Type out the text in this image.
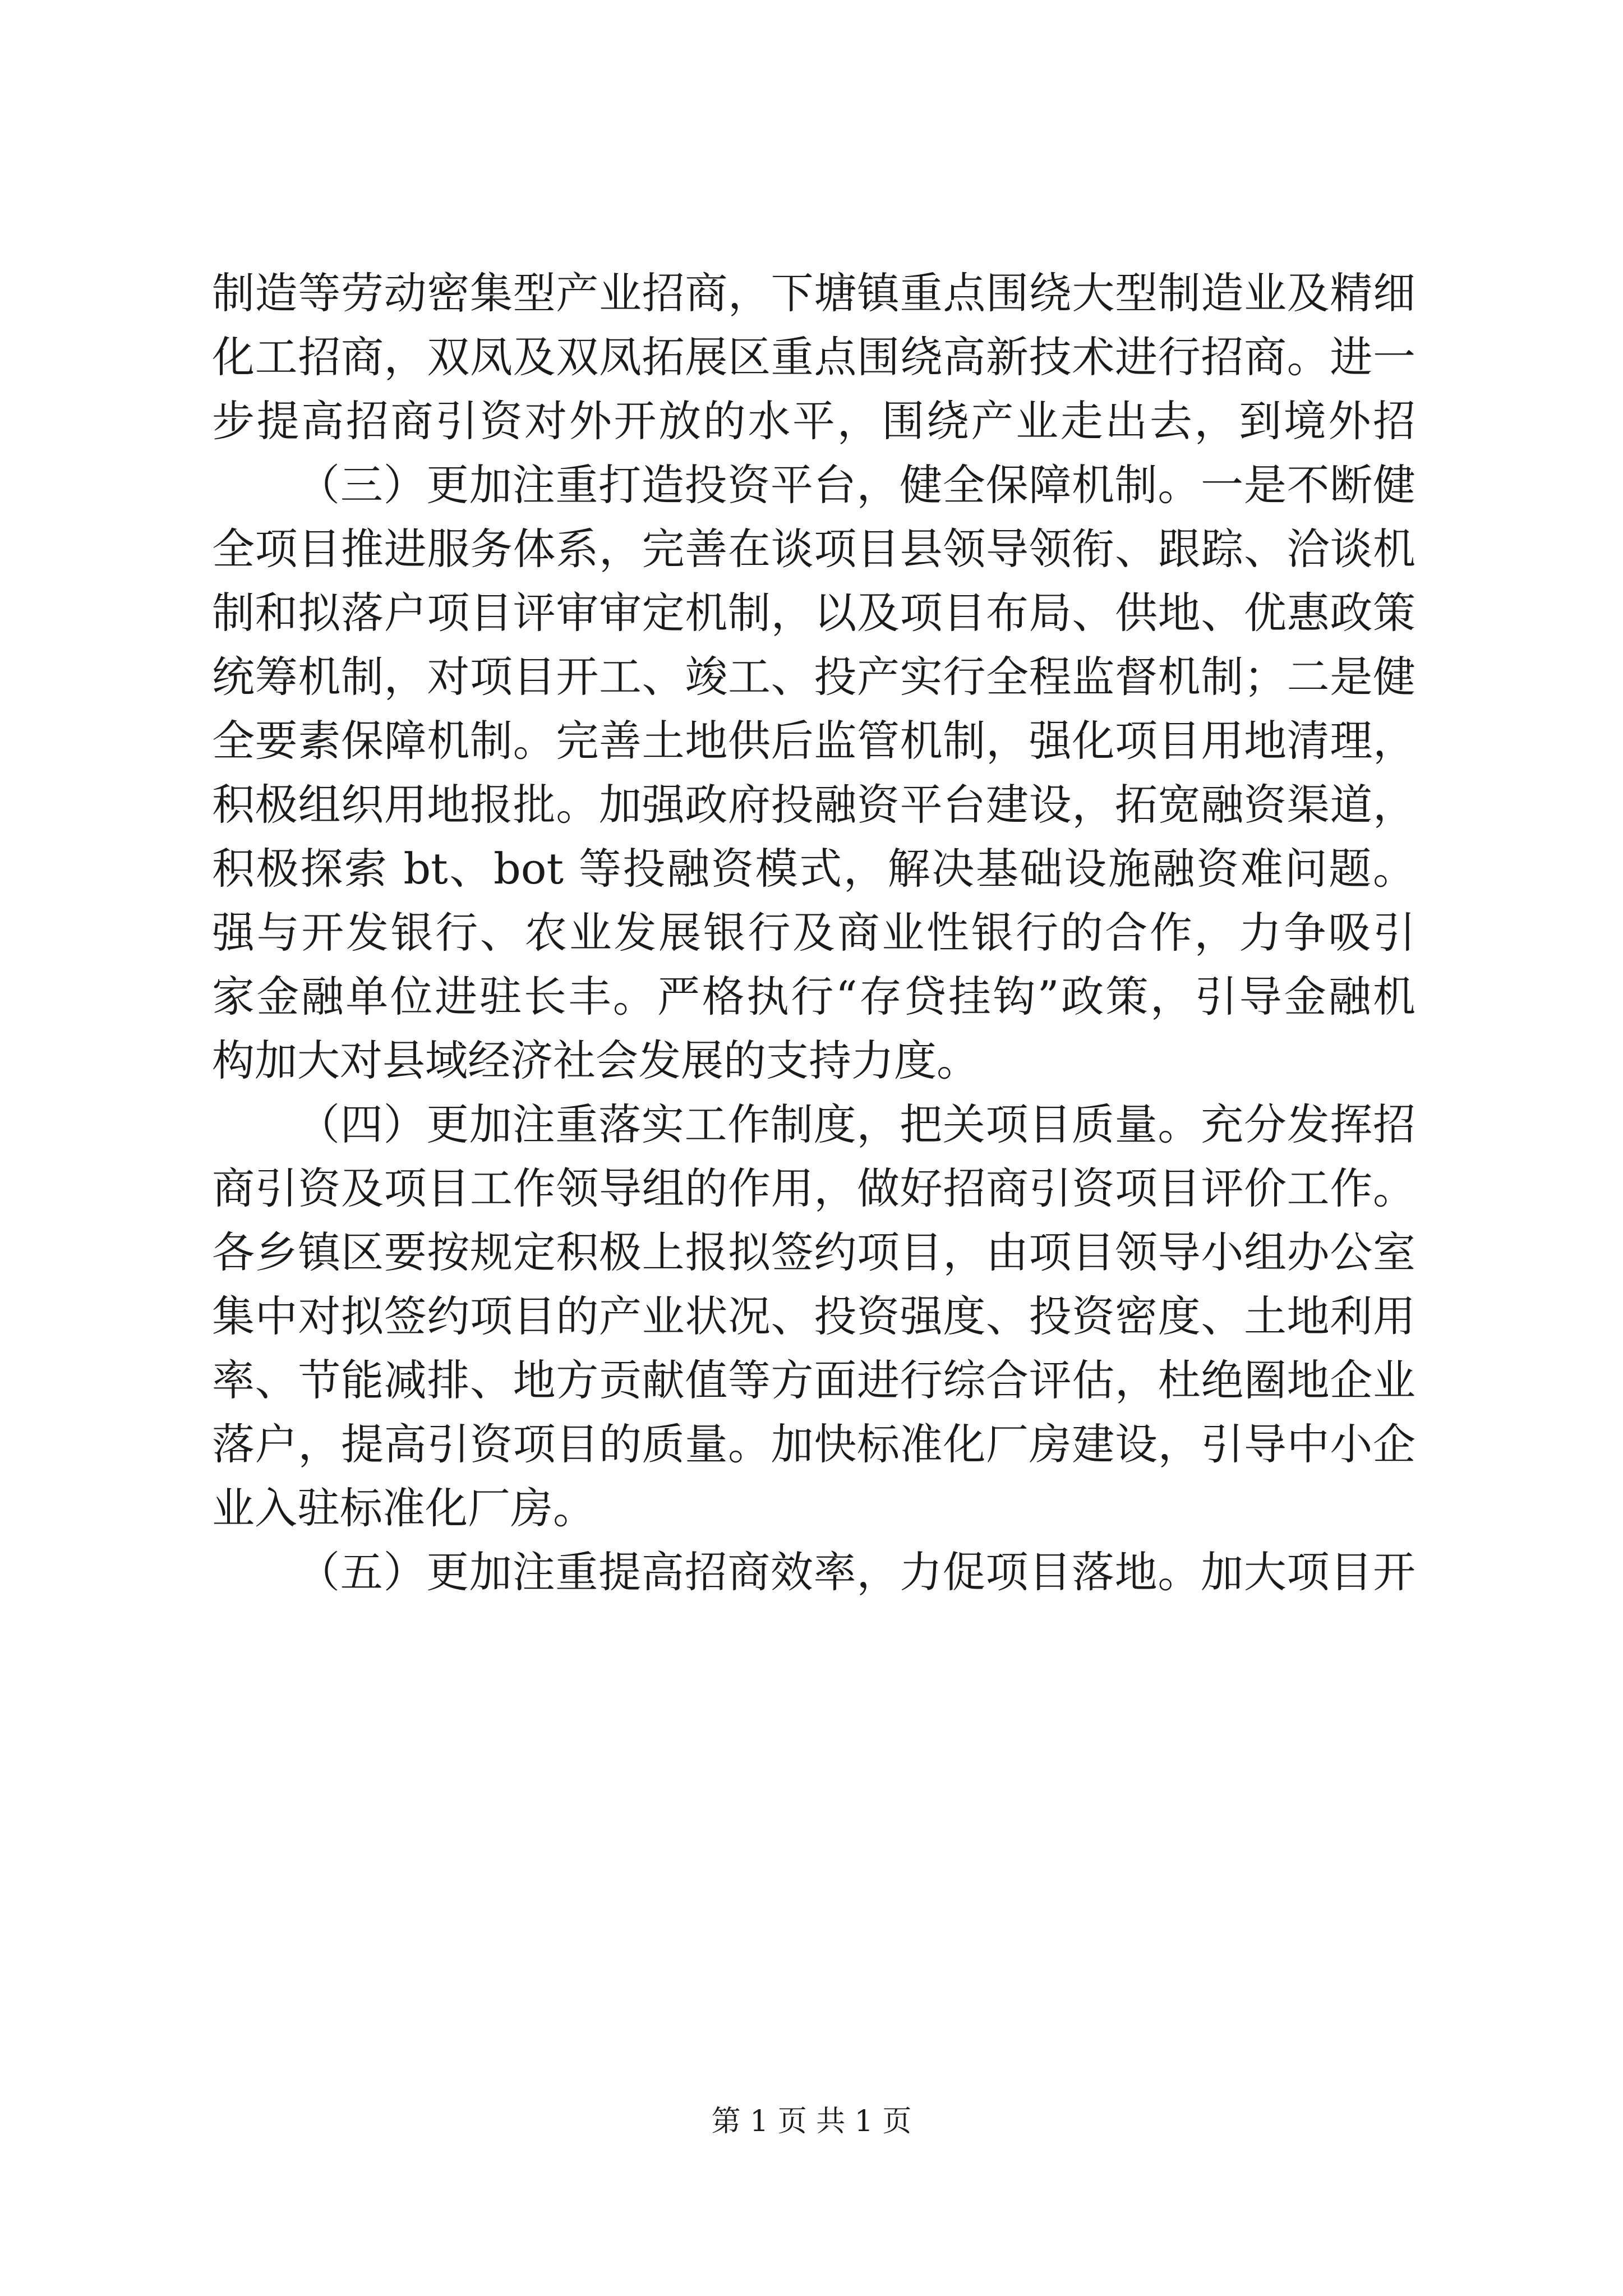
制造等劳动密集型产业招商，下塘镇重点围绕大型制造业及精细
化工招商，双凤及双凤拓展区重点围绕高新技术进行招商。进一
步提高招商引资对外开放的水平，围绕产业走出去，到境外招
（三）更加注重打造投资平台，健全保障机制。一是不断健
全项目推进服务体系，完善在谈项目县领导领衔、跟踪、洽谈机
制和拟落户项目评审审定机制，以及项目布局、供地、优惠政策
统筹机制，对项目开工、竣工、投产实行全程监督机制；二是健
全要素保障机制。完善土地供后监管机制，强化项目用地清理，
积极组织用地报批。加强政府投融资平台建设，拓宽融资渠道，
积极探索 bt、bot 等投融资模式，解决基础设施融资难问题。
强与开发银行、农业发展银行及商业性银行的合作，力争吸引
家金融单位进驻长丰。严格执行“存贷挂钩”政策，引导金融机
构加大对县域经济社会发展的支持力度。
（四）更加注重落实工作制度，把关项目质量。充分发挥招
商引资及项目工作领导组的作用，做好招商引资项目评价工作。
各乡镇区要按规定积极上报拟签约项目，由项目领导小组办公室
集中对拟签约项目的产业状况、投资强度、投资密度、土地利用
率、节能减排、地方贡献值等方面进行综合评估，杜绝圈地企业
落户，提高引资项目的质量。加快标准化厂房建设，引导中小企
业入驻标准化厂房。
（五）更加注重提高招商效率，力促项目落地。加大项目开
第 1 页 共 1 页
